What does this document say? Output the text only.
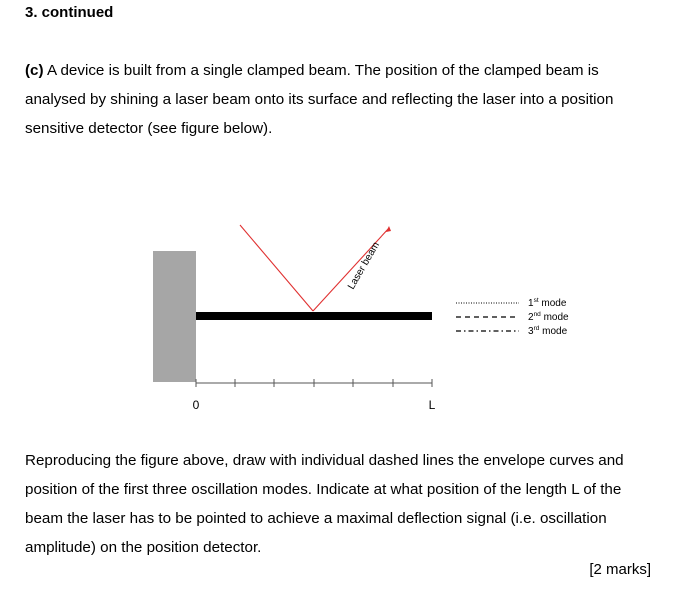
3. continued
(c) A device is built from a single clamped beam. The position of the clamped beam is analysed by shining a laser beam onto its surface and reflecting the laser into a position sensitive detector (see figure below).
Laser beam
0	L
1st mode
2nd mode
3rd mode
Reproducing the figure above, draw with individual dashed lines the envelope curves and position of the first three oscillation modes. Indicate at what position of the length L of the beam the laser has to be pointed to achieve a maximal deflection signal (i.e. oscillation amplitude) on the position detector.
[2 marks]
